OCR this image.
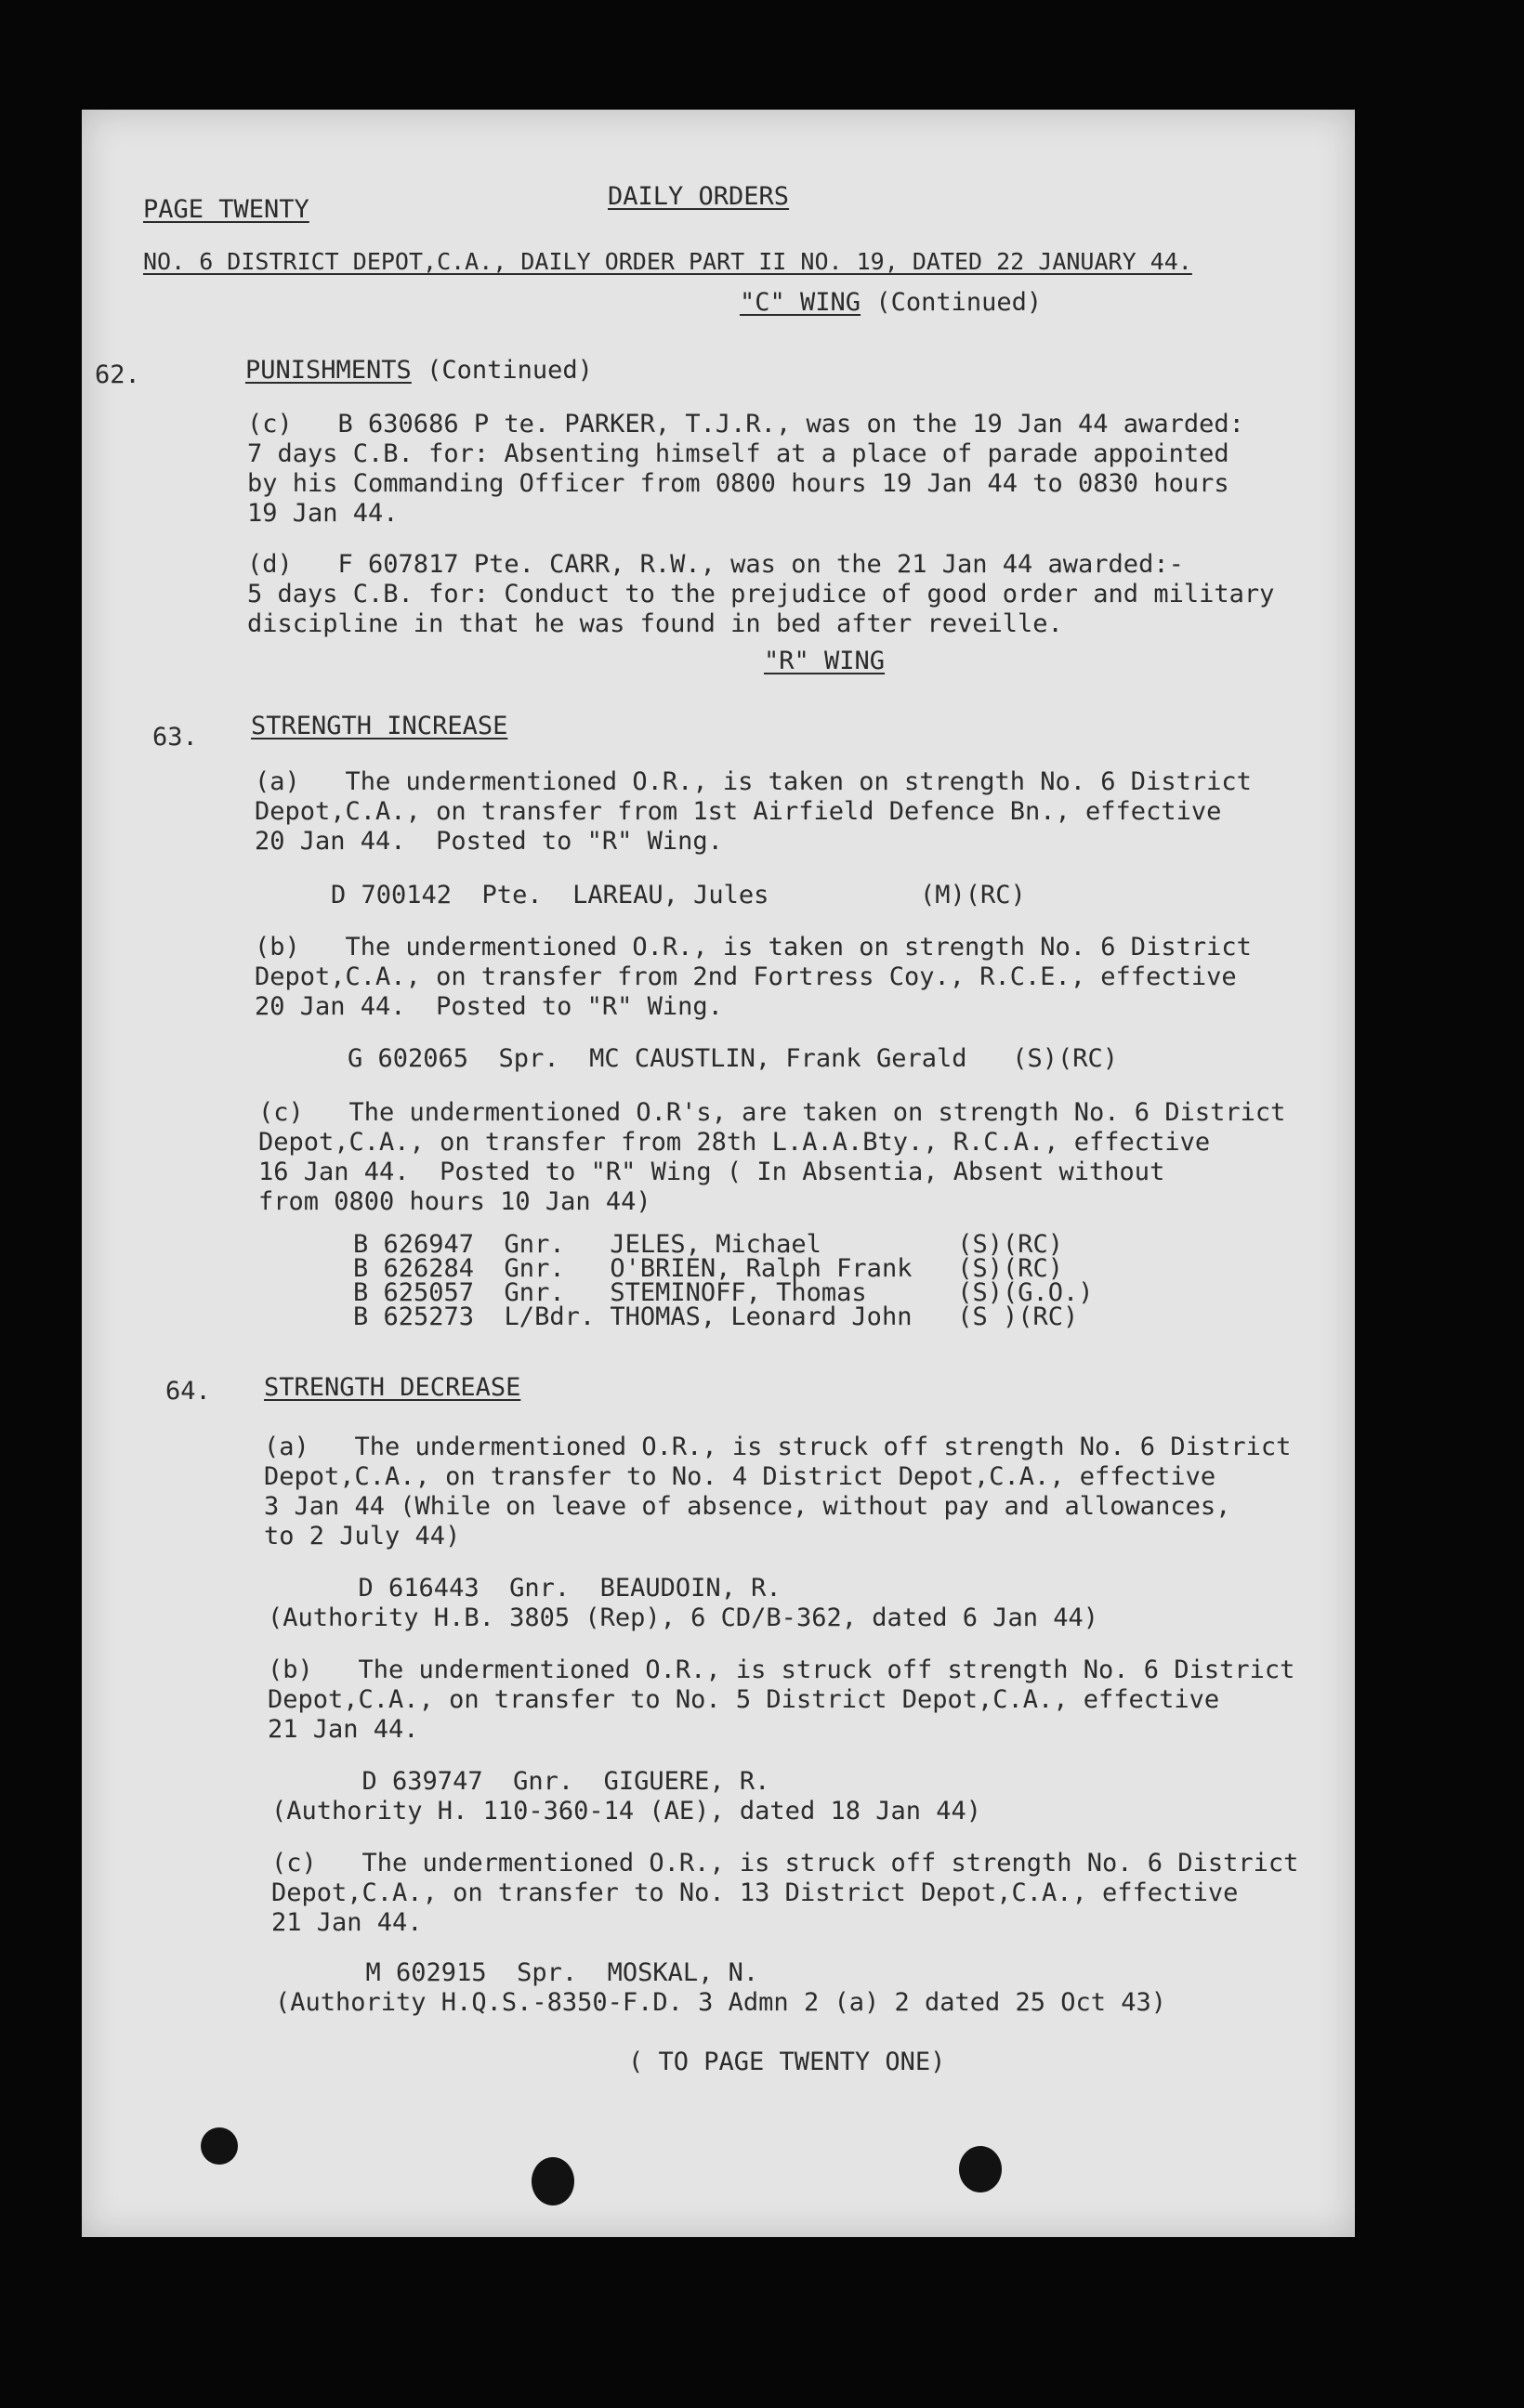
PAGE TWENTY	DAILY ORDERS
NO. 6 DISTRICT DEPOT,C.A., DAILY ORDER PART II NO. 19, DATED 22 JANUARY 44.
"C" WING (Continued)
62.	PUNISHMENTS (Continued)
(c)   B 630686 P te. PARKER, T.J.R., was on the 19 Jan 44 awarded:
7 days C.B. for: Absenting himself at a place of parade appointed
by his Commanding Officer from 0800 hours 19 Jan 44 to 0830 hours
19 Jan 44.
(d)   F 607817 Pte. CARR, R.W., was on the 21 Jan 44 awarded:-
5 days C.B. for: Conduct to the prejudice of good order and military
discipline in that he was found in bed after reveille.
"R" WING
63. STRENGTH INCREASE
(a)   The undermentioned O.R., is taken on strength No. 6 District
Depot,C.A., on transfer from 1st Airfield Defence Bn., effective
20 Jan 44.  Posted to "R" Wing.
D 700142  Pte.  LAREAU, Jules          (M)(RC)
(b)   The undermentioned O.R., is taken on strength No. 6 District
Depot,C.A., on transfer from 2nd Fortress Coy., R.C.E., effective
20 Jan 44.  Posted to "R" Wing.
G 602065  Spr.  MC CAUSTLIN, Frank Gerald   (S)(RC)
(c)   The undermentioned O.R's, are taken on strength No. 6 District
Depot,C.A., on transfer from 28th L.A.A.Bty., R.C.A., effective
16 Jan 44.  Posted to "R" Wing ( In Absentia, Absent without
from 0800 hours 10 Jan 44)
B 626947  Gnr.   JELES, Michael         (S)(RC)
B 626284  Gnr.   O'BRIEN, Ralph Frank   (S)(RC)
B 625057  Gnr.   STEMINOFF, Thomas      (S)(G.O.)
B 625273  L/Bdr. THOMAS, Leonard John   (S )(RC)
64. STRENGTH DECREASE
(a)   The undermentioned O.R., is struck off strength No. 6 District
Depot,C.A., on transfer to No. 4 District Depot,C.A., effective
3 Jan 44 (While on leave of absence, without pay and allowances,
to 2 July 44)
D 616443  Gnr.  BEAUDOIN, R.
(Authority H.B. 3805 (Rep), 6 CD/B-362, dated 6 Jan 44)
(b)   The undermentioned O.R., is struck off strength No. 6 District
Depot,C.A., on transfer to No. 5 District Depot,C.A., effective
21 Jan 44.
D 639747  Gnr.  GIGUERE, R.
(Authority H. 110-360-14 (AE), dated 18 Jan 44)
(c)   The undermentioned O.R., is struck off strength No. 6 District
Depot,C.A., on transfer to No. 13 District Depot,C.A., effective
21 Jan 44.
M 602915  Spr.  MOSKAL, N.
(Authority H.Q.S.-8350-F.D. 3 Admn 2 (a) 2 dated 25 Oct 43)
( TO PAGE TWENTY ONE)
